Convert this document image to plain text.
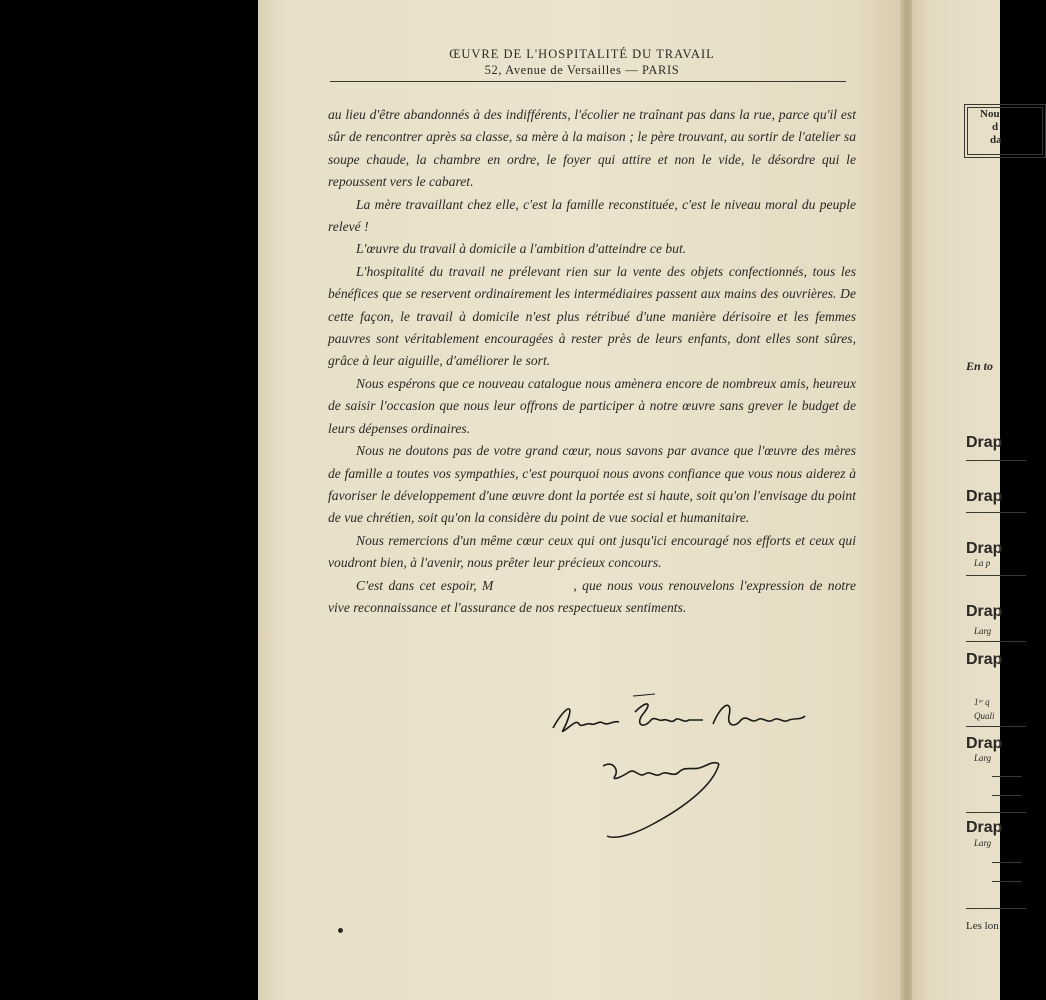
ŒUVRE DE L'HOSPITALITÉ DU TRAVAIL
52, Avenue de Versailles — PARIS

au lieu d'être abandonnés à des indifférents, l'écolier ne traînant pas dans la rue, parce qu'il est sûr de rencontrer après sa classe, sa mère à la maison ; le père trouvant, au sortir de l'atelier sa soupe chaude, la chambre en ordre, le foyer qui attire et non le vide, le désordre qui le repoussent vers le cabaret.

La mère travaillant chez elle, c'est la famille reconstituée, c'est le niveau moral du peuple relevé !

L'œuvre du travail à domicile a l'ambition d'atteindre ce but.

L'hospitalité du travail ne prélevant rien sur la vente des objets confectionnés, tous les bénéfices que se reservent ordinairement les intermédiaires passent aux mains des ouvrières. De cette façon, le travail à domicile n'est plus rétribué d'une manière dérisoire et les femmes pauvres sont véritablement encouragées à rester près de leurs enfants, dont elles sont sûres, grâce à leur aiguille, d'améliorer le sort.

Nous espérons que ce nouveau catalogue nous amènera encore de nombreux amis, heureux de saisir l'occasion que nous leur offrons de participer à notre œuvre sans grever le budget de leurs dépenses ordinaires.

Nous ne doutons pas de votre grand cœur, nous savons par avance que l'œuvre des mères de famille a toutes vos sympathies, c'est pourquoi nous avons confiance que vous nous aiderez à favoriser le développement d'une œuvre dont la portée est si haute, soit qu'on l'envisage du point de vue chrétien, soit qu'on la considère du point de vue social et humanitaire.

Nous remercions d'un même cœur ceux qui ont jusqu'ici encouragé nos efforts et ceux qui voudront bien, à l'avenir, nous prêter leur précieux concours.

C'est dans cet espoir, M	, que nous vous renouvelons l'expression de notre vive reconnaissance et l'assurance de nos respectueux sentiments.

Nou
d
da
En to
Drap
Drap
Drap
La p
Drap
Larg
Drap
1ᵉʳ q
Quali
Drap
Larg
Drap
Larg
Les lon
